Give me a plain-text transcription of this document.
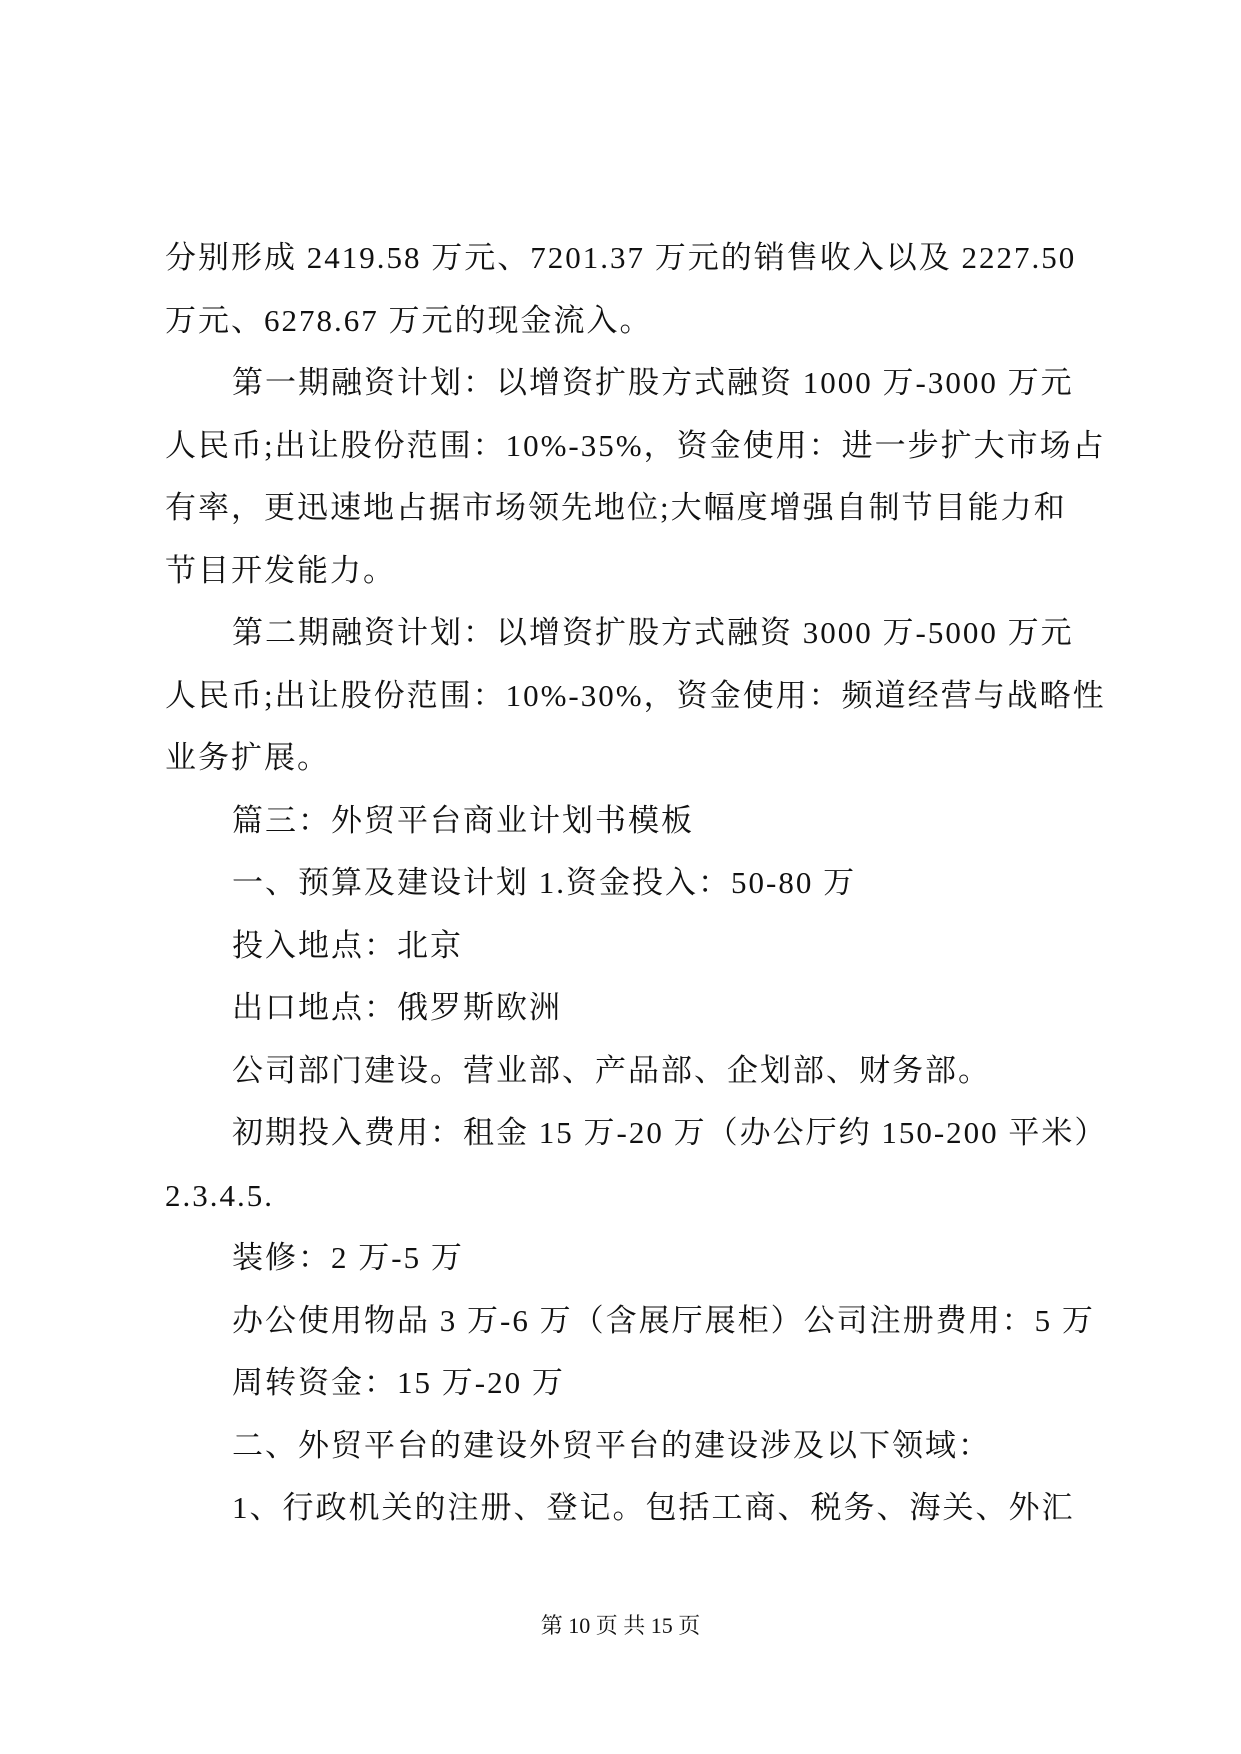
分别形成 2419.58 万元、7201.37 万元的销售收入以及 2227.50
万元、6278.67 万元的现金流入。
第一期融资计划：以增资扩股方式融资 1000 万-3000 万元
人民币;出让股份范围：10%-35%，资金使用：进一步扩大市场占
有率，更迅速地占据市场领先地位;大幅度增强自制节目能力和
节目开发能力。
第二期融资计划：以增资扩股方式融资 3000 万-5000 万元
人民币;出让股份范围：10%-30%，资金使用：频道经营与战略性
业务扩展。
篇三：外贸平台商业计划书模板
一、预算及建设计划 1.资金投入：50-80 万
投入地点：北京
出口地点：俄罗斯欧洲
公司部门建设。营业部、产品部、企划部、财务部。
初期投入费用：租金 15 万-20 万（办公厅约 150-200 平米）
2.3.4.5.
装修：2 万-5 万
办公使用物品 3 万-6 万（含展厅展柜）公司注册费用：5 万
周转资金：15 万-20 万
二、外贸平台的建设外贸平台的建设涉及以下领域：
1、行政机关的注册、登记。包括工商、税务、海关、外汇
第 10 页 共 15 页
